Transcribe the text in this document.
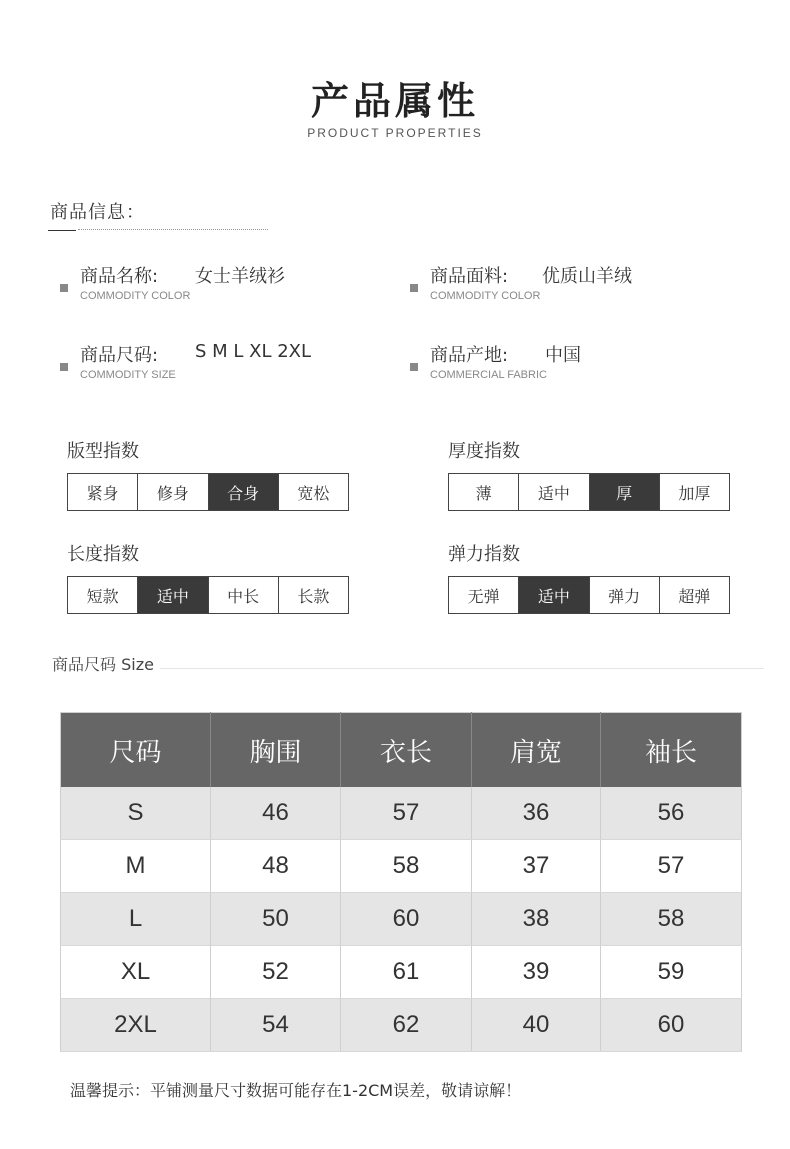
产品属性
PRODUCT PROPERTIES
商品信息：
商品名称:
COMMODITY COLOR
女士羊绒衫	商品面料:
COMMODITY COLOR
优质山羊绒
商品尺码:
COMMODITY SIZE
S M L XL 2XL	商品产地:
COMMERCIAL FABRIC
中国
版型指数
紧身	修身	合身	宽松
厚度指数
薄	适中	厚	加厚
长度指数
短款	适中	中长	长款
弹力指数
无弹	适中	弹力	超弹
商品尺码 Size
尺码	胸围	衣长	肩宽	袖长
S	46	57	36	56
M	48	58	37	57
L	50	60	38	58
XL	52	61	39	59
2XL	54	62	40	60
温馨提示：平铺测量尺寸数据可能存在1-2CM误差，敬请谅解！
